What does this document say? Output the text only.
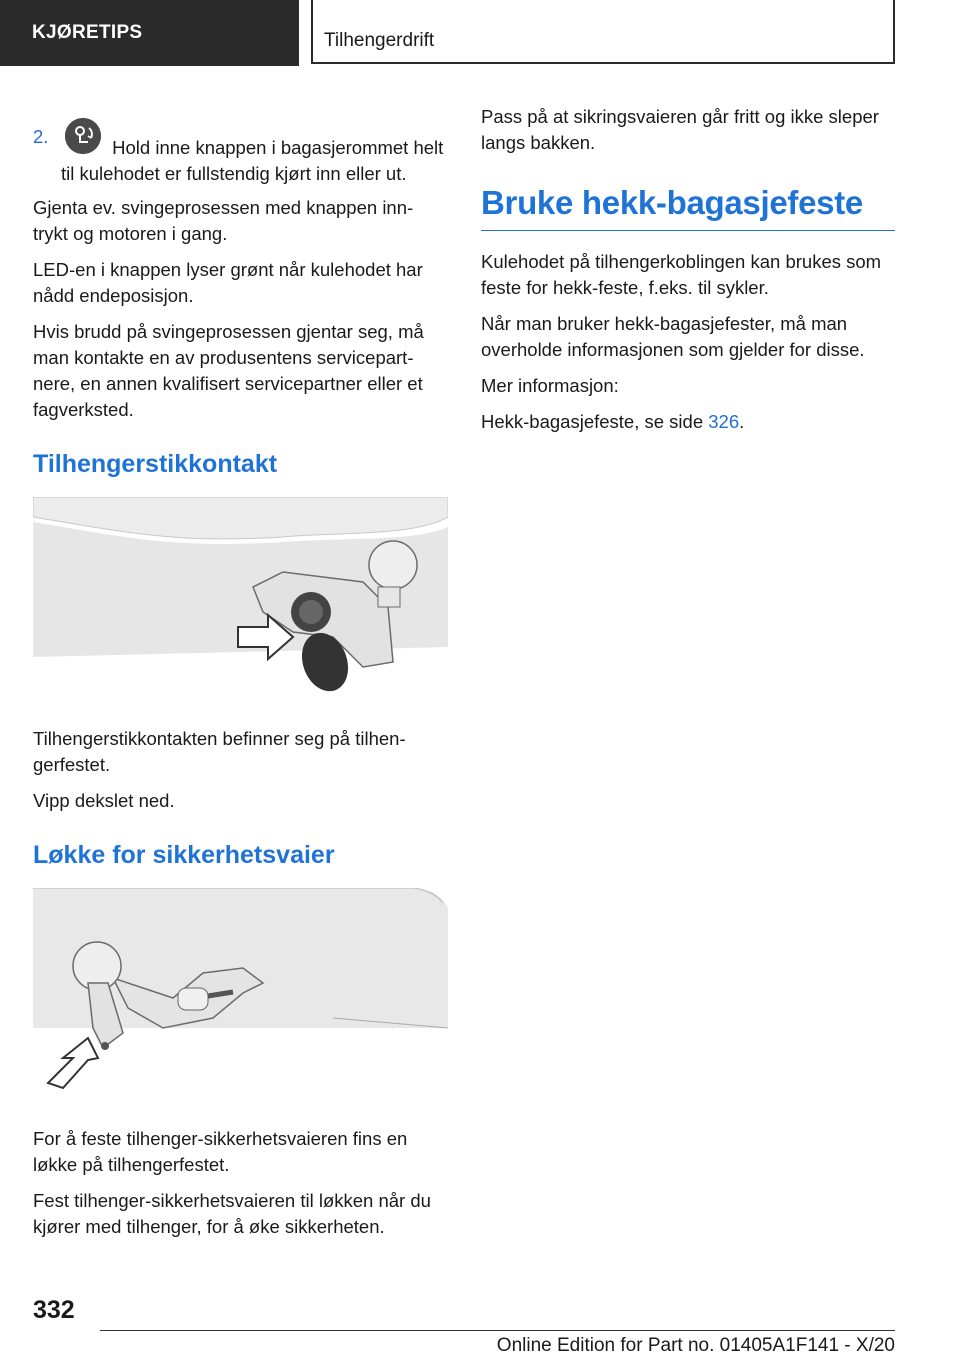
KJØRETIPS	Tilhengerdrift

2.
Hold inne knappen i bagasjerommet helt til kulehodet er fullstendig kjørt inn eller ut.

Gjenta ev. svingeprosessen med knappen inn-trykt og motoren i gang.

LED-en i knappen lyser grønt når kulehodet har nådd endeposisjon.

Hvis brudd på svingeprosessen gjentar seg, må man kontakte en av produsentens servicepart-nere, en annen kvalifisert servicepartner eller et fagverksted.

Tilhengerstikkontakt

Tilhengerstikkontakten befinner seg på tilhen-gerfestet.

Vipp dekslet ned.

Løkke for sikkerhetsvaier

For å feste tilhenger-sikkerhetsvaieren fins en løkke på tilhengerfestet.

Fest tilhenger-sikkerhetsvaieren til løkken når du kjører med tilhenger, for å øke sikkerheten.

Pass på at sikringsvaieren går fritt og ikke sleper langs bakken.

Bruke hekk-bagasjefeste

Kulehodet på tilhengerkoblingen kan brukes som feste for hekk-feste, f.eks. til sykler.

Når man bruker hekk-bagasjefester, må man overholde informasjonen som gjelder for disse.

Mer informasjon:

Hekk-bagasjefeste, se side 326.

332
Online Edition for Part no. 01405A1F141 - X/20
